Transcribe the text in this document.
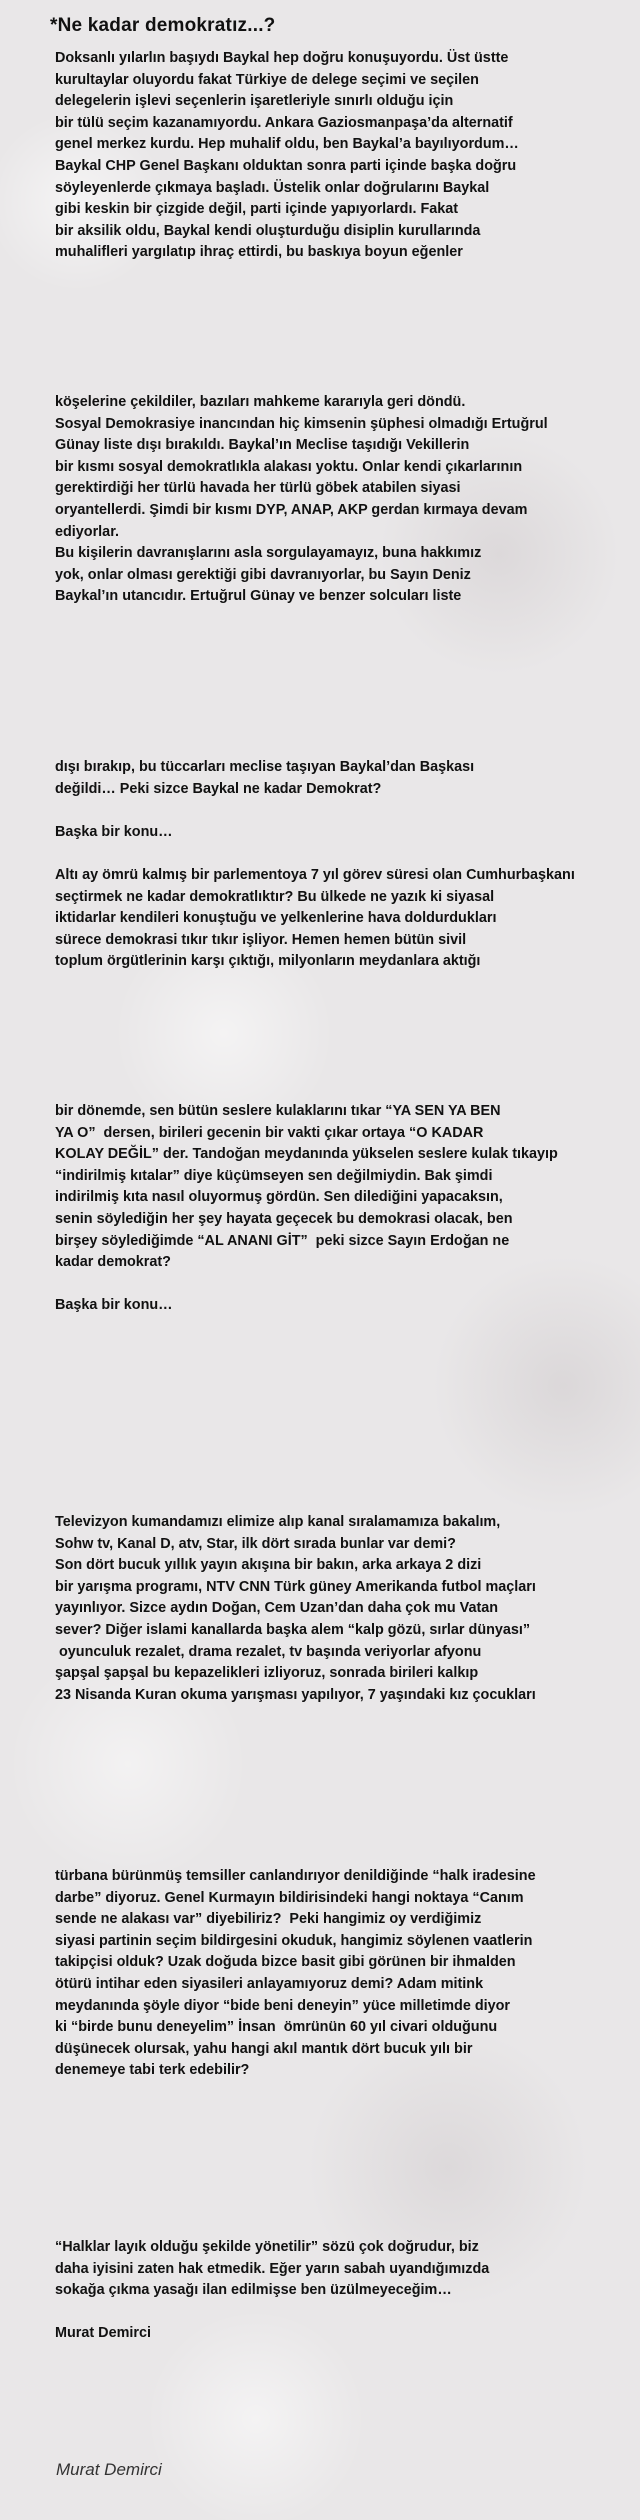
*Ne kadar demokratız...?
Doksanlı yılarlın başıydı Baykal hep doğru konuşuyordu. Üst üstte
kurultaylar oluyordu fakat Türkiye de delege seçimi ve seçilen
delegelerin işlevi seçenlerin işaretleriyle sınırlı olduğu için
bir tülü seçim kazanamıyordu. Ankara Gaziosmanpaşa’da alternatif
genel merkez kurdu. Hep muhalif oldu, ben Baykal’a bayılıyordum…
Baykal CHP Genel Başkanı olduktan sonra parti içinde başka doğru
söyleyenlerde çıkmaya başladı. Üstelik onlar doğrularını Baykal
gibi keskin bir çizgide değil, parti içinde yapıyorlardı. Fakat
bir aksilik oldu, Baykal kendi oluşturduğu disiplin kurullarında
muhalifleri yargılatıp ihraç ettirdi, bu baskıya boyun eğenler
köşelerine çekildiler, bazıları mahkeme kararıyla geri döndü.
Sosyal Demokrasiye inancından hiç kimsenin şüphesi olmadığı Ertuğrul
Günay liste dışı bırakıldı. Baykal’ın Meclise taşıdığı Vekillerin
bir kısmı sosyal demokratlıkla alakası yoktu. Onlar kendi çıkarlarının
gerektirdiği her türlü havada her türlü göbek atabilen siyasi
oryantellerdi. Şimdi bir kısmı DYP, ANAP, AKP gerdan kırmaya devam
ediyorlar.
Bu kişilerin davranışlarını asla sorgulayamayız, buna hakkımız
yok, onlar olması gerektiği gibi davranıyorlar, bu Sayın Deniz
Baykal’ın utancıdır. Ertuğrul Günay ve benzer solcuları liste
dışı bırakıp, bu tüccarları meclise taşıyan Baykal’dan Başkası
değildi… Peki sizce Baykal ne kadar Demokrat?

Başka bir konu…

Altı ay ömrü kalmış bir parlementoya 7 yıl görev süresi olan Cumhurbaşkanı
seçtirmek ne kadar demokratlıktır? Bu ülkede ne yazık ki siyasal
iktidarlar kendileri konuştuğu ve yelkenlerine hava doldurdukları
sürece demokrasi tıkır tıkır işliyor. Hemen hemen bütün sivil
toplum örgütlerinin karşı çıktığı, milyonların meydanlara aktığı
bir dönemde, sen bütün seslere kulaklarını tıkar “YA SEN YA BEN
YA O”  dersen, birileri gecenin bir vakti çıkar ortaya “O KADAR
KOLAY DEĞİL” der. Tandoğan meydanında yükselen seslere kulak tıkayıp
“indirilmiş kıtalar” diye küçümseyen sen değilmiydin. Bak şimdi
indirilmiş kıta nasıl oluyormuş gördün. Sen dilediğini yapacaksın,
senin söylediğin her şey hayata geçecek bu demokrasi olacak, ben
birşey söylediğimde “AL ANANI GİT”  peki sizce Sayın Erdoğan ne
kadar demokrat?

Başka bir konu…
Televizyon kumandamızı elimize alıp kanal sıralamamıza bakalım,
Sohw tv, Kanal D, atv, Star, ilk dört sırada bunlar var demi?
Son dört bucuk yıllık yayın akışına bir bakın, arka arkaya 2 dizi
bir yarışma programı, NTV CNN Türk güney Amerikanda futbol maçları
yayınlıyor. Sizce aydın Doğan, Cem Uzan’dan daha çok mu Vatan
sever? Diğer islami kanallarda başka alem “kalp gözü, sırlar dünyası”
oyunculuk rezalet, drama rezalet, tv başında veriyorlar afyonu
şapşal şapşal bu kepazelikleri izliyoruz, sonrada birileri kalkıp
23 Nisanda Kuran okuma yarışması yapılıyor, 7 yaşındaki kız çocukları
türbana bürünmüş temsiller canlandırıyor denildiğinde “halk iradesine
darbe” diyoruz. Genel Kurmayın bildirisindeki hangi noktaya “Canım
sende ne alakası var” diyebiliriz?  Peki hangimiz oy verdiğimiz
siyasi partinin seçim bildirgesini okuduk, hangimiz söylenen vaatlerin
takipçisi olduk? Uzak doğuda bizce basit gibi görünen bir ihmalden
ötürü intihar eden siyasileri anlayamıyoruz demi? Adam mitink
meydanında şöyle diyor “bide beni deneyin” yüce milletimde diyor
ki “birde bunu deneyelim” İnsan  ömrünün 60 yıl civari olduğunu
düşünecek olursak, yahu hangi akıl mantık dört bucuk yılı bir
denemeye tabi terk edebilir?
“Halklar layık olduğu şekilde yönetilir” sözü çok doğrudur, biz
daha iyisini zaten hak etmedik. Eğer yarın sabah uyandığımızda
sokağa çıkma yasağı ilan edilmişse ben üzülmeyeceğim…

Murat Demirci
Murat Demirci
